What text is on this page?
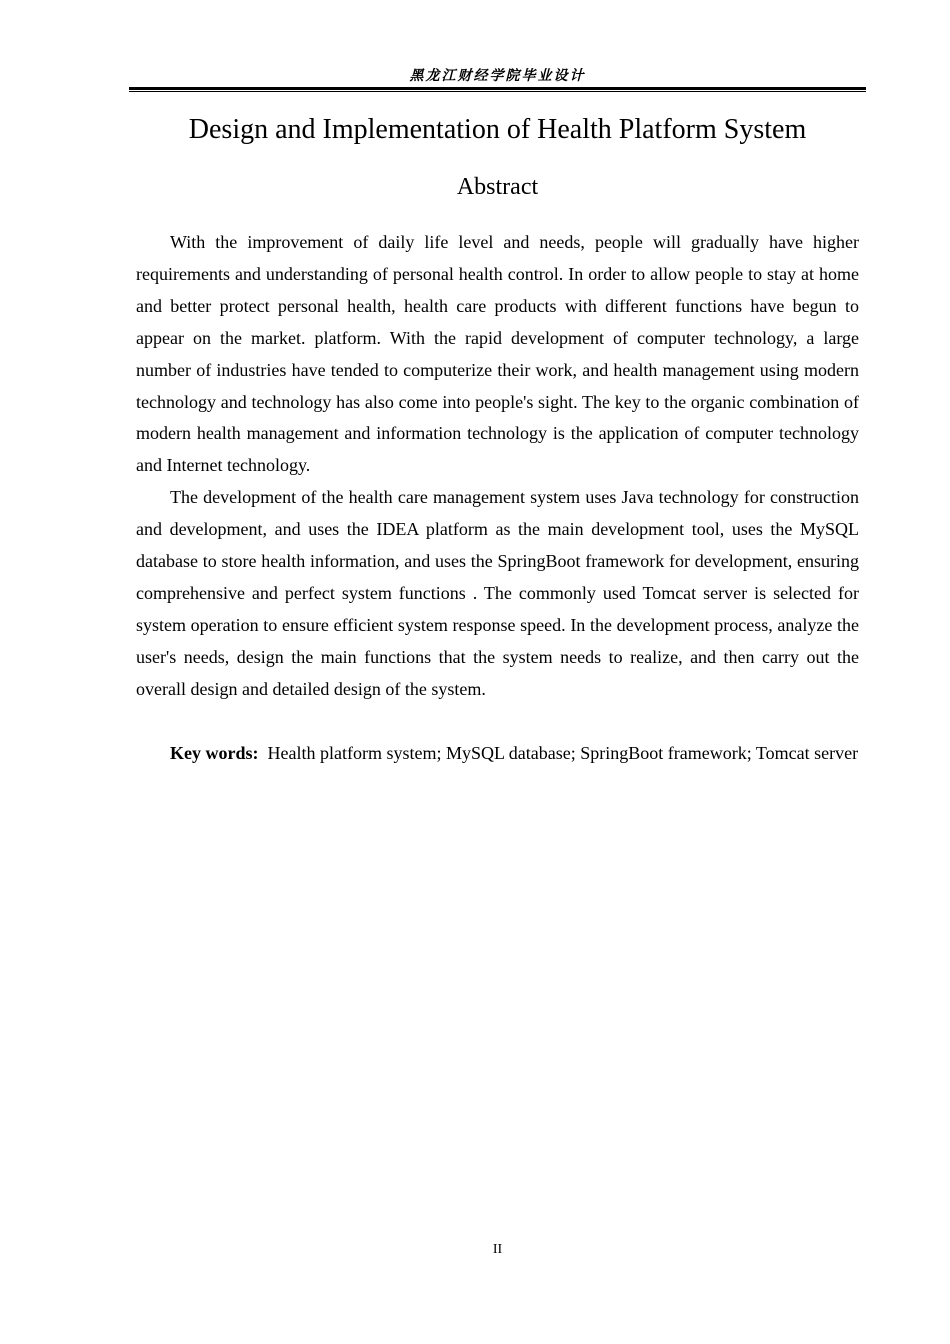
黑龙江财经学院毕业设计
Design and Implementation of Health Platform System
Abstract

With the improvement of daily life level and needs, people will gradually have higher requirements and understanding of personal health control. In order to allow people to stay at home and better protect personal health, health care products with different functions have begun to appear on the market. platform. With the rapid development of computer technology, a large number of industries have tended to computerize their work, and health management using modern technology and technology has also come into people's sight. The key to the organic combination of modern health management and information technology is the application of computer technology and Internet technology.

The development of the health care management system uses Java technology for construction and development, and uses the IDEA platform as the main development tool, uses the MySQL database to store health information, and uses the SpringBoot framework for development, ensuring comprehensive and perfect system functions . The commonly used Tomcat server is selected for system operation to ensure efficient system response speed. In the development process, analyze the user's needs, design the main functions that the system needs to realize, and then carry out the overall design and detailed design of the system.

Key words: Health platform system; MySQL database; SpringBoot framework; Tomcat server

II
